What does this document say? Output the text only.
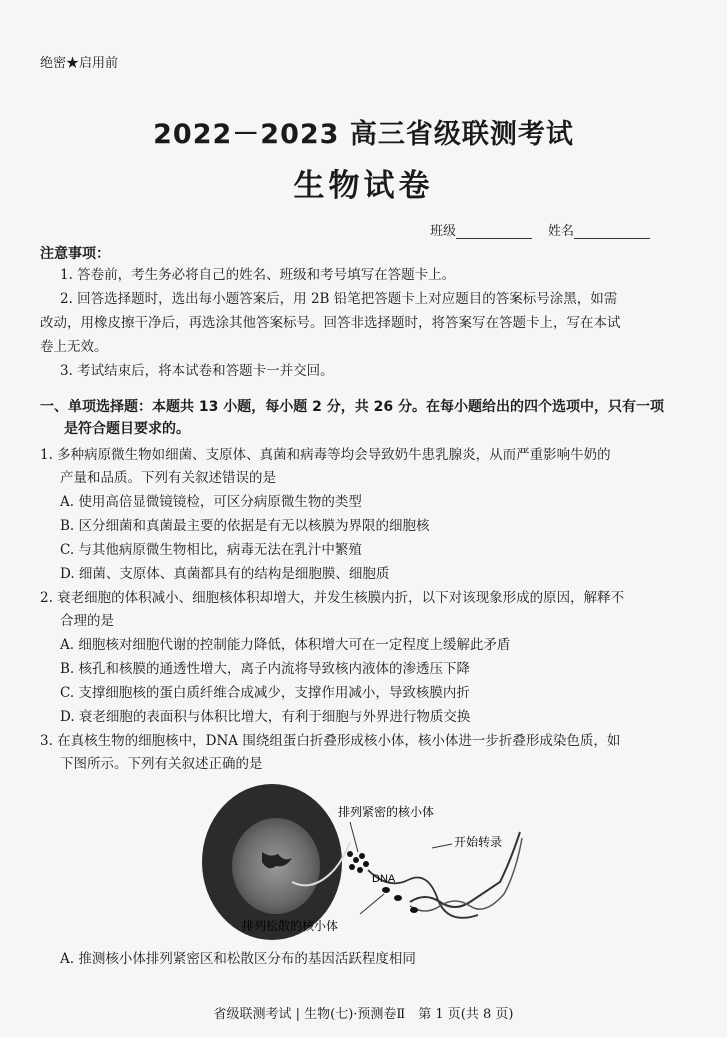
绝密★启用前
2022－2023 高三省级联测考试
生物试卷
班级	姓名
注意事项：
1. 答卷前，考生务必将自己的姓名、班级和考号填写在答题卡上。
2. 回答选择题时，选出每小题答案后，用 2B 铅笔把答题卡上对应题目的答案标号涂黑，如需
改动，用橡皮擦干净后，再选涂其他答案标号。回答非选择题时，将答案写在答题卡上，写在本试
卷上无效。
3. 考试结束后，将本试卷和答题卡一并交回。
一、单项选择题：本题共 13 小题，每小题 2 分，共 26 分。在每小题给出的四个选项中，只有一项
是符合题目要求的。
1. 多种病原微生物如细菌、支原体、真菌和病毒等均会导致奶牛患乳腺炎，从而严重影响牛奶的
产量和品质。下列有关叙述错误的是
A. 使用高倍显微镜镜检，可区分病原微生物的类型
B. 区分细菌和真菌最主要的依据是有无以核膜为界限的细胞核
C. 与其他病原微生物相比，病毒无法在乳汁中繁殖
D. 细菌、支原体、真菌都具有的结构是细胞膜、细胞质
2. 衰老细胞的体积减小、细胞核体积却增大，并发生核膜内折，以下对该现象形成的原因，解释不
合理的是
A. 细胞核对细胞代谢的控制能力降低，体积增大可在一定程度上缓解此矛盾
B. 核孔和核膜的通透性增大，离子内流将导致核内液体的渗透压下降
C. 支撑细胞核的蛋白质纤维合成减少，支撑作用减小，导致核膜内折
D. 衰老细胞的表面积与体积比增大，有利于细胞与外界进行物质交换
3. 在真核生物的细胞核中，DNA 围绕组蛋白折叠形成核小体，核小体进一步折叠形成染色质，如
下图所示。下列有关叙述正确的是
排列紧密的核小体
开始转录
DNA
排列松散的核小体
A. 推测核小体排列紧密区和松散区分布的基因活跃程度相同
省级联测考试 | 生物(七)·预测卷Ⅱ　第 1 页(共 8 页)
